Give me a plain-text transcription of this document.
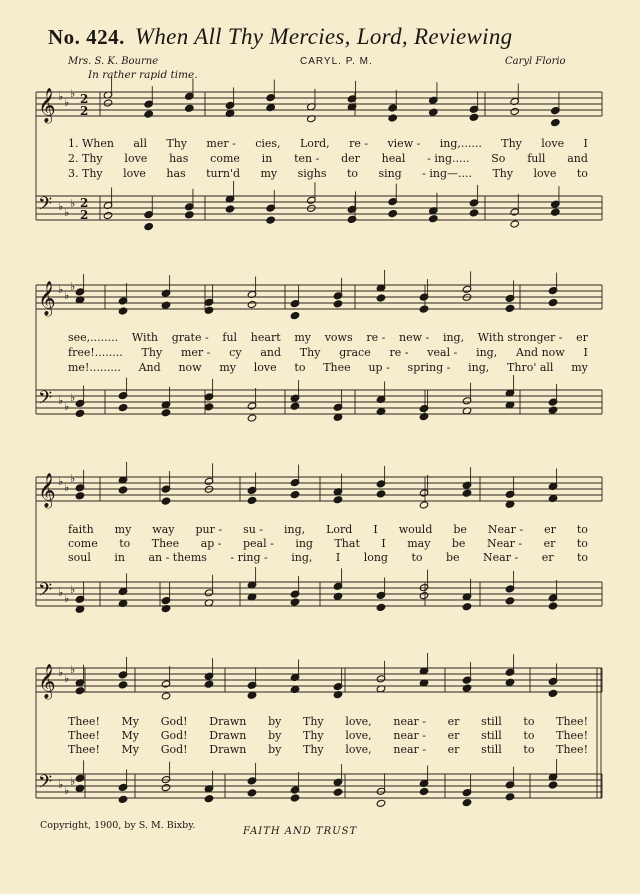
No. 424. When All Thy Mercies, Lord, Reviewing
Mrs. S. K. Bourne	CARYL. P. M.	Caryl Florio
In rather rapid time.
𝄞 ♭ ♭
♭ 2
2
𝄢 ♭ ♭
♭ 2
2
𝄞 ♭ ♭
♭
𝄢 ♭ ♭
♭
𝄞 ♭ ♭
♭
𝄢 ♭ ♭
♭
𝄞 ♭ ♭
♭
𝄢 ♭ ♭
♭
1. When all Thy mer - cies, Lord, re - view - ing,...... Thy love I
2. Thy love has come in ten - der heal - ing..... So full and
3. Thy love has turn'd my sighs to sing - ing—.... Thy love to
see,........ With grate - ful heart my vows re - new - ing, With stronger - er
free!........ Thy mer - cy and Thy grace re - veal - ing, And now I
me!......... And now my love to Thee up - spring - ing, Thro' all my
faith my way pur - su - ing, Lord I would be Near - er to
come to Thee ap - peal - ing That I may be Near - er to
soul in an - thems - ring - ing, I long to be Near - er to
Thee! My God! Drawn by Thy love, near - er still to Thee!
Thee! My God! Drawn by Thy love, near - er still to Thee!
Thee! My God! Drawn by Thy love, near - er still to Thee!
Copyright, 1900, by S. M. Bixby.
FAITH AND TRUST
